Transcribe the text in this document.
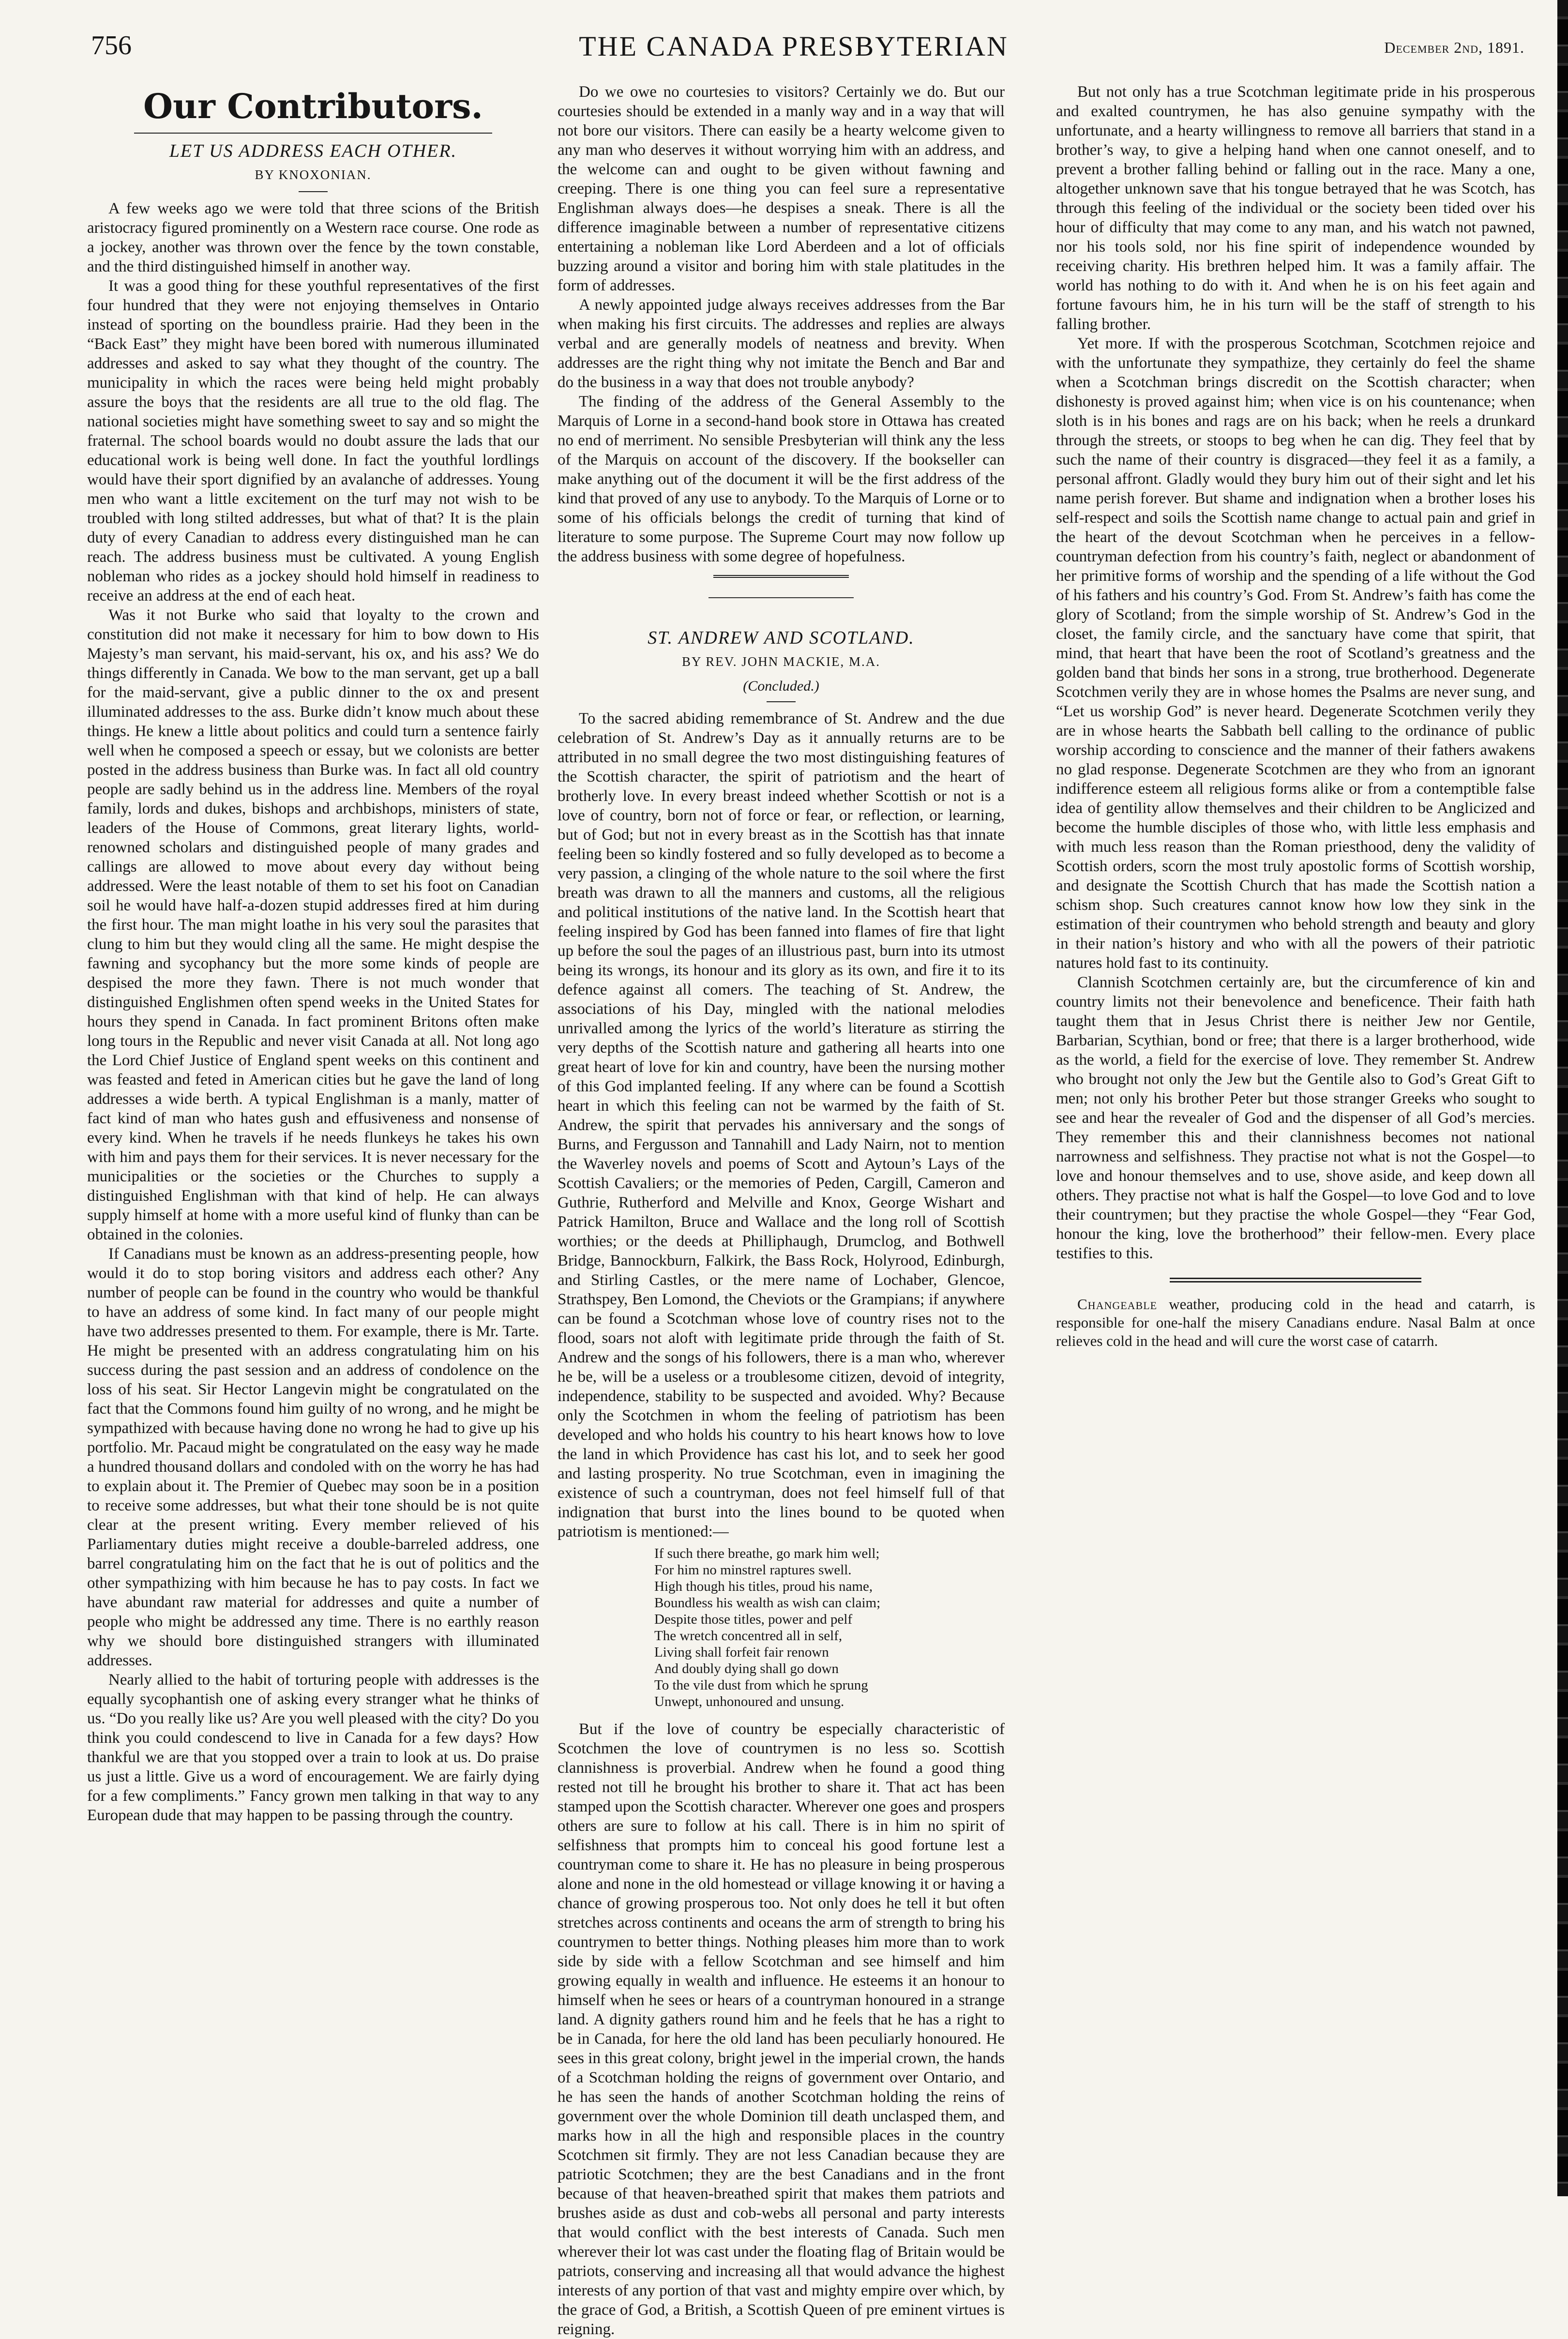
756	THE CANADA PRESBYTERIAN	December 2nd, 1891.
Our Contributors.
LET US ADDRESS EACH OTHER.
BY KNOXONIAN.

A few weeks ago we were told that three scions of the British aristocracy figured prominently on a Western race course. One rode as a jockey, another was thrown over the fence by the town constable, and the third distinguished himself in another way.

It was a good thing for these youthful representatives of the first four hundred that they were not enjoying themselves in Ontario instead of sporting on the boundless prairie. Had they been in the “Back East” they might have been bored with numerous illuminated addresses and asked to say what they thought of the country. The municipality in which the races were being held might probably assure the boys that the residents are all true to the old flag. The national societies might have something sweet to say and so might the fraternal. The school boards would no doubt assure the lads that our educational work is being well done. In fact the youthful lordlings would have their sport dignified by an avalanche of addresses. Young men who want a little excitement on the turf may not wish to be troubled with long stilted addresses, but what of that? It is the plain duty of every Canadian to address every distinguished man he can reach. The address business must be cultivated. A young English nobleman who rides as a jockey should hold himself in readiness to receive an address at the end of each heat.

Was it not Burke who said that loyalty to the crown and constitution did not make it necessary for him to bow down to His Majesty’s man servant, his maid-servant, his ox, and his ass? We do things differently in Canada. We bow to the man servant, get up a ball for the maid-servant, give a public dinner to the ox and present illuminated addresses to the ass. Burke didn’t know much about these things. He knew a little about politics and could turn a sentence fairly well when he composed a speech or essay, but we colonists are better posted in the address business than Burke was. In fact all old country people are sadly behind us in the address line. Members of the royal family, lords and dukes, bishops and archbishops, ministers of state, leaders of the House of Commons, great literary lights, world-renowned scholars and distinguished people of many grades and callings are allowed to move about every day without being addressed. Were the least notable of them to set his foot on Canadian soil he would have half-a-dozen stupid addresses fired at him during the first hour. The man might loathe in his very soul the parasites that clung to him but they would cling all the same. He might despise the fawning and sycophancy but the more some kinds of people are despised the more they fawn. There is not much wonder that distinguished Englishmen often spend weeks in the United States for hours they spend in Canada. In fact prominent Britons often make long tours in the Republic and never visit Canada at all. Not long ago the Lord Chief Justice of England spent weeks on this continent and was feasted and feted in American cities but he gave the land of long addresses a wide berth. A typical Englishman is a manly, matter of fact kind of man who hates gush and effusiveness and nonsense of every kind. When he travels if he needs flunkeys he takes his own with him and pays them for their services. It is never necessary for the municipalities or the societies or the Churches to supply a distinguished Englishman with that kind of help. He can always supply himself at home with a more useful kind of flunky than can be obtained in the colonies.

If Canadians must be known as an address-presenting people, how would it do to stop boring visitors and address each other? Any number of people can be found in the country who would be thankful to have an address of some kind. In fact many of our people might have two addresses presented to them. For example, there is Mr. Tarte. He might be presented with an address congratulating him on his success during the past session and an address of condolence on the loss of his seat. Sir Hector Langevin might be congratulated on the fact that the Commons found him guilty of no wrong, and he might be sympathized with because having done no wrong he had to give up his portfolio. Mr. Pacaud might be congratulated on the easy way he made a hundred thousand dollars and condoled with on the worry he has had to explain about it. The Premier of Quebec may soon be in a position to receive some addresses, but what their tone should be is not quite clear at the present writing. Every member relieved of his Parliamentary duties might receive a double-barreled address, one barrel congratulating him on the fact that he is out of politics and the other sympathizing with him because he has to pay costs. In fact we have abundant raw material for addresses and quite a number of people who might be addressed any time. There is no earthly reason why we should bore distinguished strangers with illuminated addresses.

Nearly allied to the habit of torturing people with addresses is the equally sycophantish one of asking every stranger what he thinks of us. “Do you really like us? Are you well pleased with the city? Do you think you could condescend to live in Canada for a few days? How thankful we are that you stopped over a train to look at us. Do praise us just a little. Give us a word of encouragement. We are fairly dying for a few compliments.” Fancy grown men talking in that way to any European dude that may happen to be passing through the country.

Do we owe no courtesies to visitors? Certainly we do. But our courtesies should be extended in a manly way and in a way that will not bore our visitors. There can easily be a hearty welcome given to any man who deserves it without worrying him with an address, and the welcome can and ought to be given without fawning and creeping. There is one thing you can feel sure a representative Englishman always does—he despises a sneak. There is all the difference imaginable between a number of representative citizens entertaining a nobleman like Lord Aberdeen and a lot of officials buzzing around a visitor and boring him with stale platitudes in the form of addresses.

A newly appointed judge always receives addresses from the Bar when making his first circuits. The addresses and replies are always verbal and are generally models of neatness and brevity. When addresses are the right thing why not imitate the Bench and Bar and do the business in a way that does not trouble anybody?

The finding of the address of the General Assembly to the Marquis of Lorne in a second-hand book store in Ottawa has created no end of merriment. No sensible Presbyterian will think any the less of the Marquis on account of the discovery. If the bookseller can make anything out of the document it will be the first address of the kind that proved of any use to anybody. To the Marquis of Lorne or to some of his officials belongs the credit of turning that kind of literature to some purpose. The Supreme Court may now follow up the address business with some degree of hopefulness.

ST. ANDREW AND SCOTLAND.
BY REV. JOHN MACKIE, M.A.
(Concluded.)

To the sacred abiding remembrance of St. Andrew and the due celebration of St. Andrew’s Day as it annually returns are to be attributed in no small degree the two most distinguishing features of the Scottish character, the spirit of patriotism and the heart of brotherly love. In every breast indeed whether Scottish or not is a love of country, born not of force or fear, or reflection, or learning, but of God; but not in every breast as in the Scottish has that innate feeling been so kindly fostered and so fully developed as to become a very passion, a clinging of the whole nature to the soil where the first breath was drawn to all the manners and customs, all the religious and political institutions of the native land. In the Scottish heart that feeling inspired by God has been fanned into flames of fire that light up before the soul the pages of an illustrious past, burn into its utmost being its wrongs, its honour and its glory as its own, and fire it to its defence against all comers. The teaching of St. Andrew, the associations of his Day, mingled with the national melodies unrivalled among the lyrics of the world’s literature as stirring the very depths of the Scottish nature and gathering all hearts into one great heart of love for kin and country, have been the nursing mother of this God implanted feeling. If any where can be found a Scottish heart in which this feeling can not be warmed by the faith of St. Andrew, the spirit that pervades his anniversary and the songs of Burns, and Fergusson and Tannahill and Lady Nairn, not to mention the Waverley novels and poems of Scott and Aytoun’s Lays of the Scottish Cavaliers; or the memories of Peden, Cargill, Cameron and Guthrie, Rutherford and Melville and Knox, George Wishart and Patrick Hamilton, Bruce and Wallace and the long roll of Scottish worthies; or the deeds at Philliphaugh, Drumclog, and Bothwell Bridge, Bannockburn, Falkirk, the Bass Rock, Holyrood, Edinburgh, and Stirling Castles, or the mere name of Lochaber, Glencoe, Strathspey, Ben Lomond, the Cheviots or the Grampians; if anywhere can be found a Scotchman whose love of country rises not to the flood, soars not aloft with legitimate pride through the faith of St. Andrew and the songs of his followers, there is a man who, wherever he be, will be a useless or a troublesome citizen, devoid of integrity, independence, stability to be suspected and avoided. Why? Because only the Scotchmen in whom the feeling of patriotism has been developed and who holds his country to his heart knows how to love the land in which Providence has cast his lot, and to seek her good and lasting prosperity. No true Scotchman, even in imagining the existence of such a countryman, does not feel himself full of that indignation that burst into the lines bound to be quoted when patriotism is mentioned:—

If such there breathe, go mark him well;
For him no minstrel raptures swell.
High though his titles, proud his name,
Boundless his wealth as wish can claim;
Despite those titles, power and pelf
The wretch concentred all in self,
Living shall forfeit fair renown
And doubly dying shall go down
To the vile dust from which he sprung
Unwept, unhonoured and unsung.

But if the love of country be especially characteristic of Scotchmen the love of countrymen is no less so. Scottish clannishness is proverbial. Andrew when he found a good thing rested not till he brought his brother to share it. That act has been stamped upon the Scottish character. Wherever one goes and prospers others are sure to follow at his call. There is in him no spirit of selfishness that prompts him to conceal his good fortune lest a countryman come to share it. He has no pleasure in being prosperous alone and none in the old homestead or village knowing it or having a chance of growing prosperous too. Not only does he tell it but often stretches across continents and oceans the arm of strength to bring his countrymen to better things. Nothing pleases him more than to work side by side with a fellow Scotchman and see himself and him growing equally in wealth and influence. He esteems it an honour to himself when he sees or hears of a countryman honoured in a strange land. A dignity gathers round him and he feels that he has a right to be in Canada, for here the old land has been peculiarly honoured. He sees in this great colony, bright jewel in the imperial crown, the hands of a Scotchman holding the reigns of government over Ontario, and he has seen the hands of another Scotchman holding the reins of government over the whole Dominion till death unclasped them, and marks how in all the high and responsible places in the country Scotchmen sit firmly. They are not less Canadian because they are patriotic Scotchmen; they are the best Canadians and in the front because of that heaven-breathed spirit that makes them patriots and brushes aside as dust and cob-webs all personal and party interests that would conflict with the best interests of Canada. Such men wherever their lot was cast under the floating flag of Britain would be patriots, conserving and increasing all that would advance the highest interests of any portion of that vast and mighty empire over which, by the grace of God, a British, a Scottish Queen of pre eminent virtues is reigning.

But not only has a true Scotchman legitimate pride in his prosperous and exalted countrymen, he has also genuine sympathy with the unfortunate, and a hearty willingness to remove all barriers that stand in a brother’s way, to give a helping hand when one cannot oneself, and to prevent a brother falling behind or falling out in the race. Many a one, altogether unknown save that his tongue betrayed that he was Scotch, has through this feeling of the individual or the society been tided over his hour of difficulty that may come to any man, and his watch not pawned, nor his tools sold, nor his fine spirit of independence wounded by receiving charity. His brethren helped him. It was a family affair. The world has nothing to do with it. And when he is on his feet again and fortune favours him, he in his turn will be the staff of strength to his falling brother.

Yet more. If with the prosperous Scotchman, Scotchmen rejoice and with the unfortunate they sympathize, they certainly do feel the shame when a Scotchman brings discredit on the Scottish character; when dishonesty is proved against him; when vice is on his countenance; when sloth is in his bones and rags are on his back; when he reels a drunkard through the streets, or stoops to beg when he can dig. They feel that by such the name of their country is disgraced—they feel it as a family, a personal affront. Gladly would they bury him out of their sight and let his name perish forever. But shame and indignation when a brother loses his self-respect and soils the Scottish name change to actual pain and grief in the heart of the devout Scotchman when he perceives in a fellow-countryman defection from his country’s faith, neglect or abandonment of her primitive forms of worship and the spending of a life without the God of his fathers and his country’s God. From St. Andrew’s faith has come the glory of Scotland; from the simple worship of St. Andrew’s God in the closet, the family circle, and the sanctuary have come that spirit, that mind, that heart that have been the root of Scotland’s greatness and the golden band that binds her sons in a strong, true brotherhood. Degenerate Scotchmen verily they are in whose homes the Psalms are never sung, and “Let us worship God” is never heard. Degenerate Scotchmen verily they are in whose hearts the Sabbath bell calling to the ordinance of public worship according to conscience and the manner of their fathers awakens no glad response. Degenerate Scotchmen are they who from an ignorant indifference esteem all religious forms alike or from a contemptible false idea of gentility allow themselves and their children to be Anglicized and become the humble disciples of those who, with little less emphasis and with much less reason than the Roman priesthood, deny the validity of Scottish orders, scorn the most truly apostolic forms of Scottish worship, and designate the Scottish Church that has made the Scottish nation a schism shop. Such creatures cannot know how low they sink in the estimation of their countrymen who behold strength and beauty and glory in their nation’s history and who with all the powers of their patriotic natures hold fast to its continuity.

Clannish Scotchmen certainly are, but the circumference of kin and country limits not their benevolence and beneficence. Their faith hath taught them that in Jesus Christ there is neither Jew nor Gentile, Barbarian, Scythian, bond or free; that there is a larger brotherhood, wide as the world, a field for the exercise of love. They remember St. Andrew who brought not only the Jew but the Gentile also to God’s Great Gift to men; not only his brother Peter but those stranger Greeks who sought to see and hear the revealer of God and the dispenser of all God’s mercies. They remember this and their clannishness becomes not national narrowness and selfishness. They practise not what is not the Gospel—to love and honour themselves and to use, shove aside, and keep down all others. They practise not what is half the Gospel—to love God and to love their countrymen; but they practise the whole Gospel—they “Fear God, honour the king, love the brotherhood” their fellow-men. Every place testifies to this.

Changeable weather, producing cold in the head and catarrh, is responsible for one-half the misery Canadians endure. Nasal Balm at once relieves cold in the head and will cure the worst case of catarrh.
